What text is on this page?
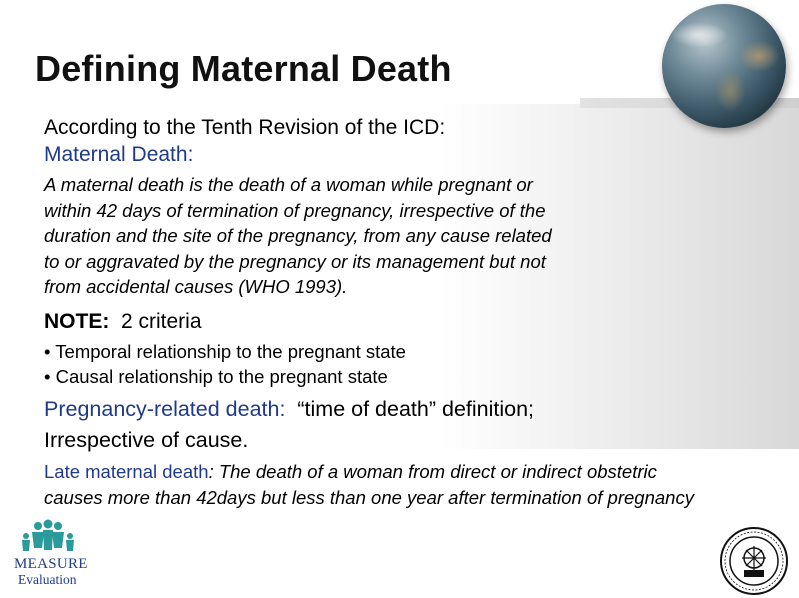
Defining Maternal Death
According to the Tenth Revision of the ICD:
Maternal Death:
A maternal death is the death of a woman while pregnant or
within 42 days of termination of pregnancy, irrespective of the
duration and the site of the pregnancy, from any cause related
to or aggravated by the pregnancy or its management but not
from accidental causes (WHO 1993).
NOTE: 2 criteria
• Temporal relationship to the pregnant state
• Causal relationship to the pregnant state
Pregnancy-related death: “time of death” definition;
Irrespective of cause.
Late maternal death: The death of a woman from direct or indirect obstetric
causes more than 42days but less than one year after termination of pregnancy
MEASURE
Evaluation
